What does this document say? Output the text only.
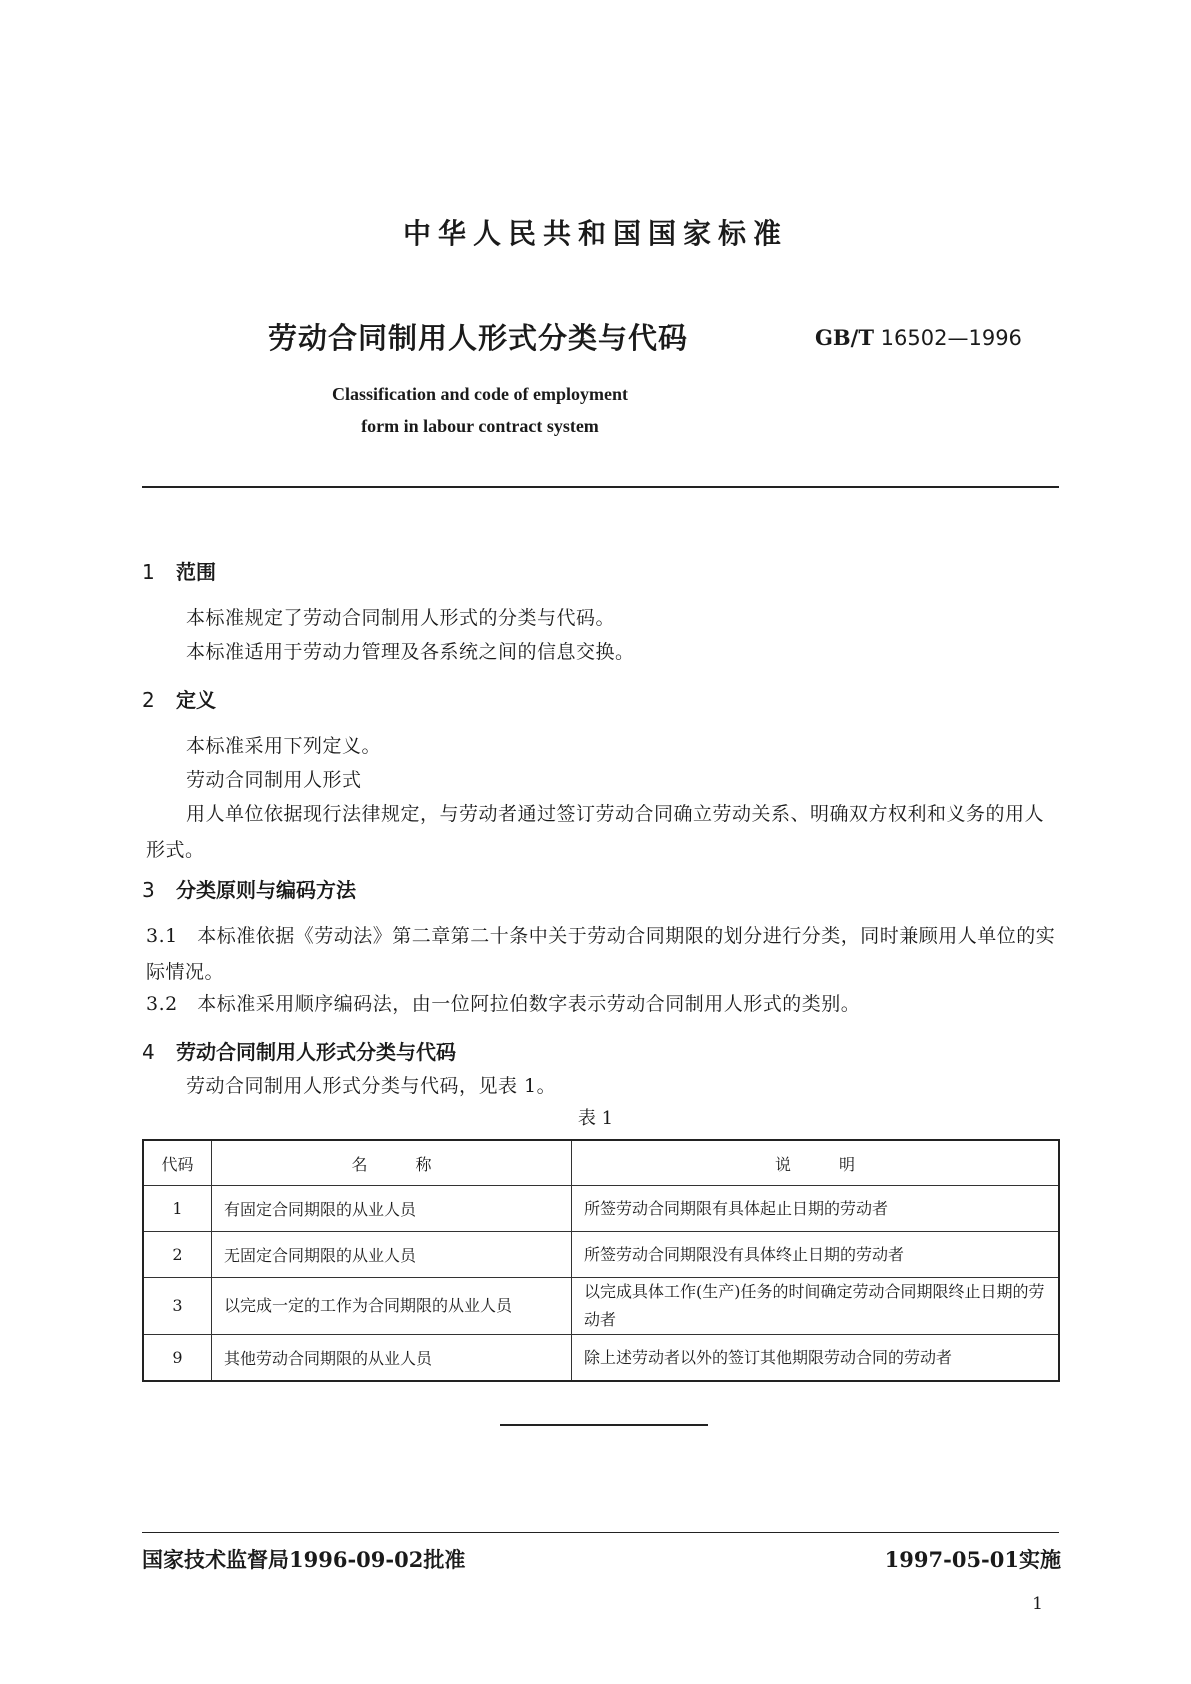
中华人民共和国国家标准
劳动合同制用人形式分类与代码	GB/T 16502—1996
Classification and code of employment
form in labour contract system
1 范围
本标准规定了劳动合同制用人形式的分类与代码。
本标准适用于劳动力管理及各系统之间的信息交换。
2 定义
本标准采用下列定义。
劳动合同制用人形式
用人单位依据现行法律规定，与劳动者通过签订劳动合同确立劳动关系、明确双方权利和义务的用人形式。
3 分类原则与编码方法
3.1　本标准依据《劳动法》第二章第二十条中关于劳动合同期限的划分进行分类，同时兼顾用人单位的实际情况。
3.2　本标准采用顺序编码法，由一位阿拉伯数字表示劳动合同制用人形式的类别。
4 劳动合同制用人形式分类与代码
劳动合同制用人形式分类与代码，见表 1。
表 1
代码	名　　　称	说　　　明
1	有固定合同期限的从业人员	所签劳动合同期限有具体起止日期的劳动者
2	无固定合同期限的从业人员	所签劳动合同期限没有具体终止日期的劳动者
3	以完成一定的工作为合同期限的从业人员	以完成具体工作(生产)任务的时间确定劳动合同期限终止日期的劳动者
9	其他劳动合同期限的从业人员	除上述劳动者以外的签订其他期限劳动合同的劳动者
国家技术监督局1996-09-02批准	1997-05-01实施
1
